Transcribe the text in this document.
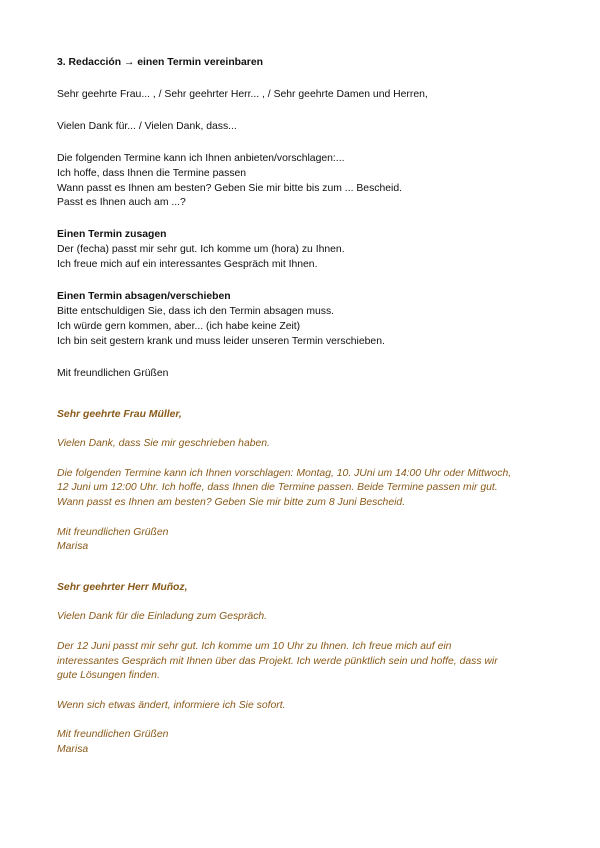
3. Redacción → einen Termin vereinbaren
Sehr geehrte Frau... , / Sehr geehrter Herr... , / Sehr geehrte Damen und Herren,
Vielen Dank für... / Vielen Dank, dass...
Die folgenden Termine kann ich Ihnen anbieten/vorschlagen:...
Ich hoffe, dass Ihnen die Termine passen
Wann passt es Ihnen am besten? Geben Sie mir bitte bis zum ... Bescheid.
Passt es Ihnen auch am ...?
Einen Termin zusagen
Der (fecha) passt mir sehr gut. Ich komme um (hora) zu Ihnen.
Ich freue mich auf ein interessantes Gespräch mit Ihnen.
Einen Termin absagen/verschieben
Bitte entschuldigen Sie, dass ich den Termin absagen muss.
Ich würde gern kommen, aber... (ich habe keine Zeit)
Ich bin seit gestern krank und muss leider unseren Termin verschieben.
Mit freundlichen Grüßen
Sehr geehrte Frau Müller,
Vielen Dank, dass Sie mir geschrieben haben.
Die folgenden Termine kann ich Ihnen vorschlagen: Montag, 10. JUni um 14:00 Uhr oder Mittwoch,
12 Juni um 12:00 Uhr. Ich hoffe, dass Ihnen die Termine passen. Beide Termine passen mir gut.
Wann passt es Ihnen am besten? Geben Sie mir bitte zum 8 Juni Bescheid.
Mit freundlichen Grüßen
Marisa
Sehr geehrter Herr Muñoz,
Vielen Dank für die Einladung zum Gespräch.
Der 12 Juni passt mir sehr gut. Ich komme um 10 Uhr zu Ihnen. Ich freue mich auf ein
interessantes Gespräch mit Ihnen über das Projekt. Ich werde pünktlich sein und hoffe, dass wir
gute Lösungen finden.
Wenn sich etwas ändert, informiere ich Sie sofort.
Mit freundlichen Grüßen
Marisa
